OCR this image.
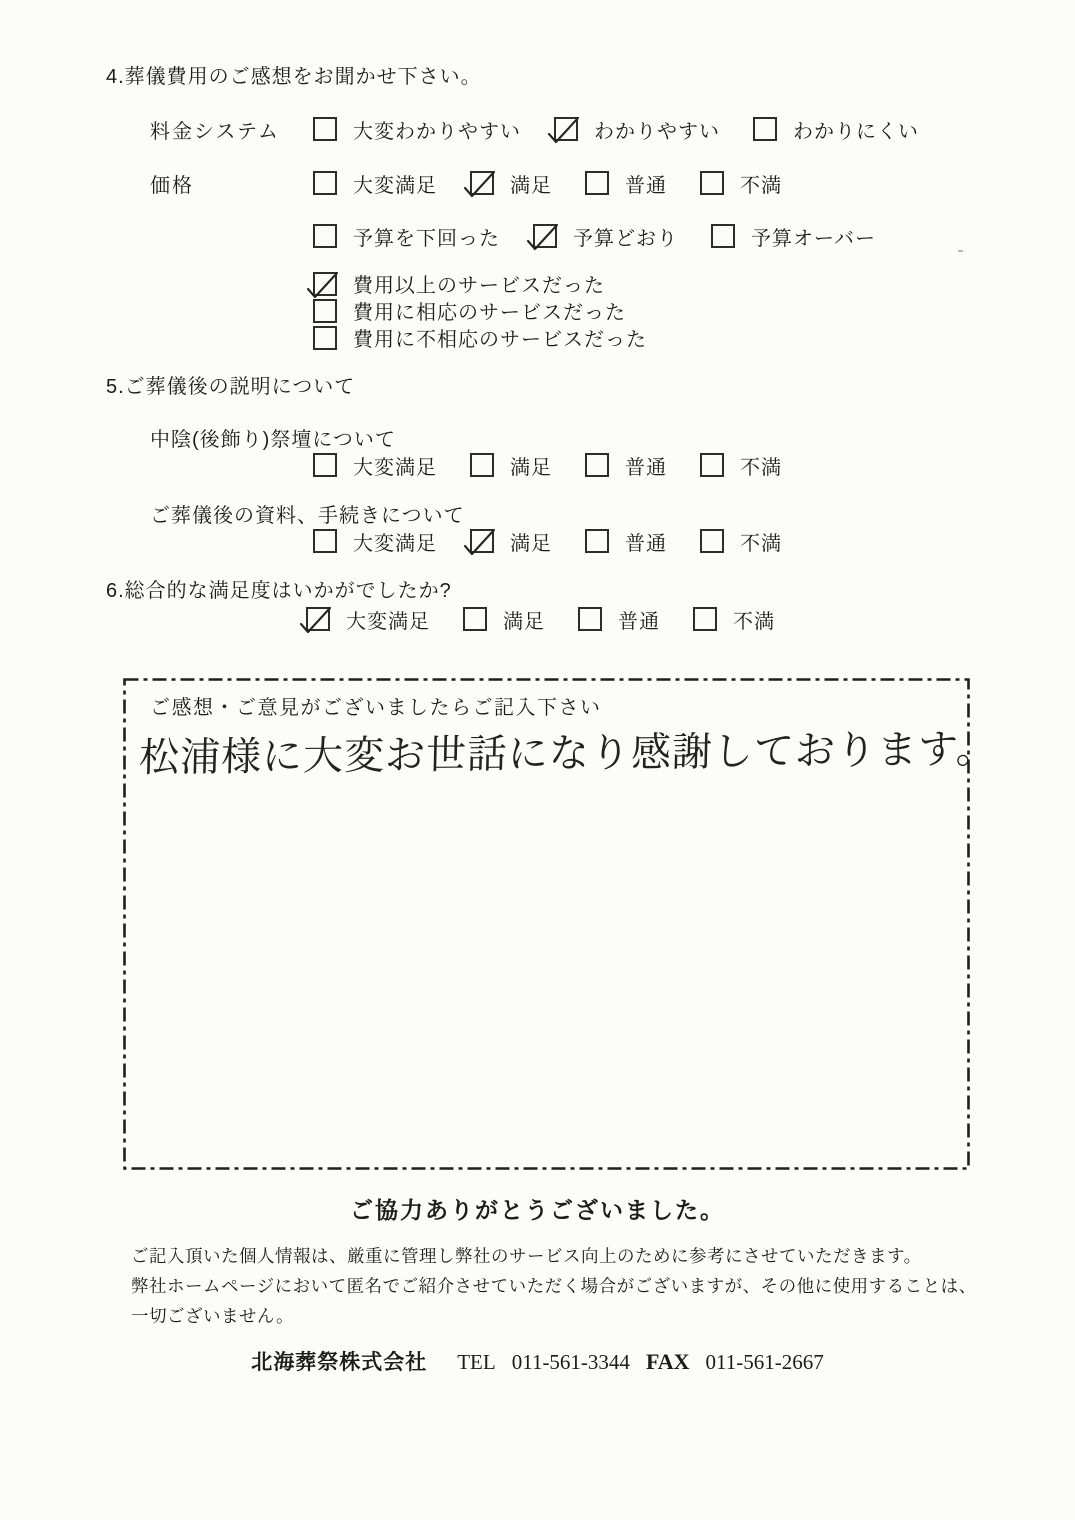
4.葬儀費用のご感想をお聞かせ下さい。
料金システム	大変わかりやすい	わかりやすい	わかりにくい
価格	大変満足	満足	普通	不満
予算を下回った	予算どおり	予算オーバー
費用以上のサービスだった
費用に相応のサービスだった
費用に不相応のサービスだった
5.ご葬儀後の説明について
中陰(後飾り)祭壇について
大変満足	満足	普通	不満
ご葬儀後の資料、手続きについて
大変満足	満足	普通	不満
6.総合的な満足度はいかがでしたか?
大変満足	満足	普通	不満
ご感想・ご意見がございましたらご記入下さい
松浦様に大変お世話になり感謝しております。
ご協力ありがとうございました。
ご記入頂いた個人情報は、厳重に管理し弊社のサービス向上のために参考にさせていただきます。
弊社ホームページにおいて匿名でご紹介させていただく場合がございますが、その他に使用することは、
一切ございません。
北海葬祭株式会社 TEL 011-561-3344 FAX 011-561-2667
